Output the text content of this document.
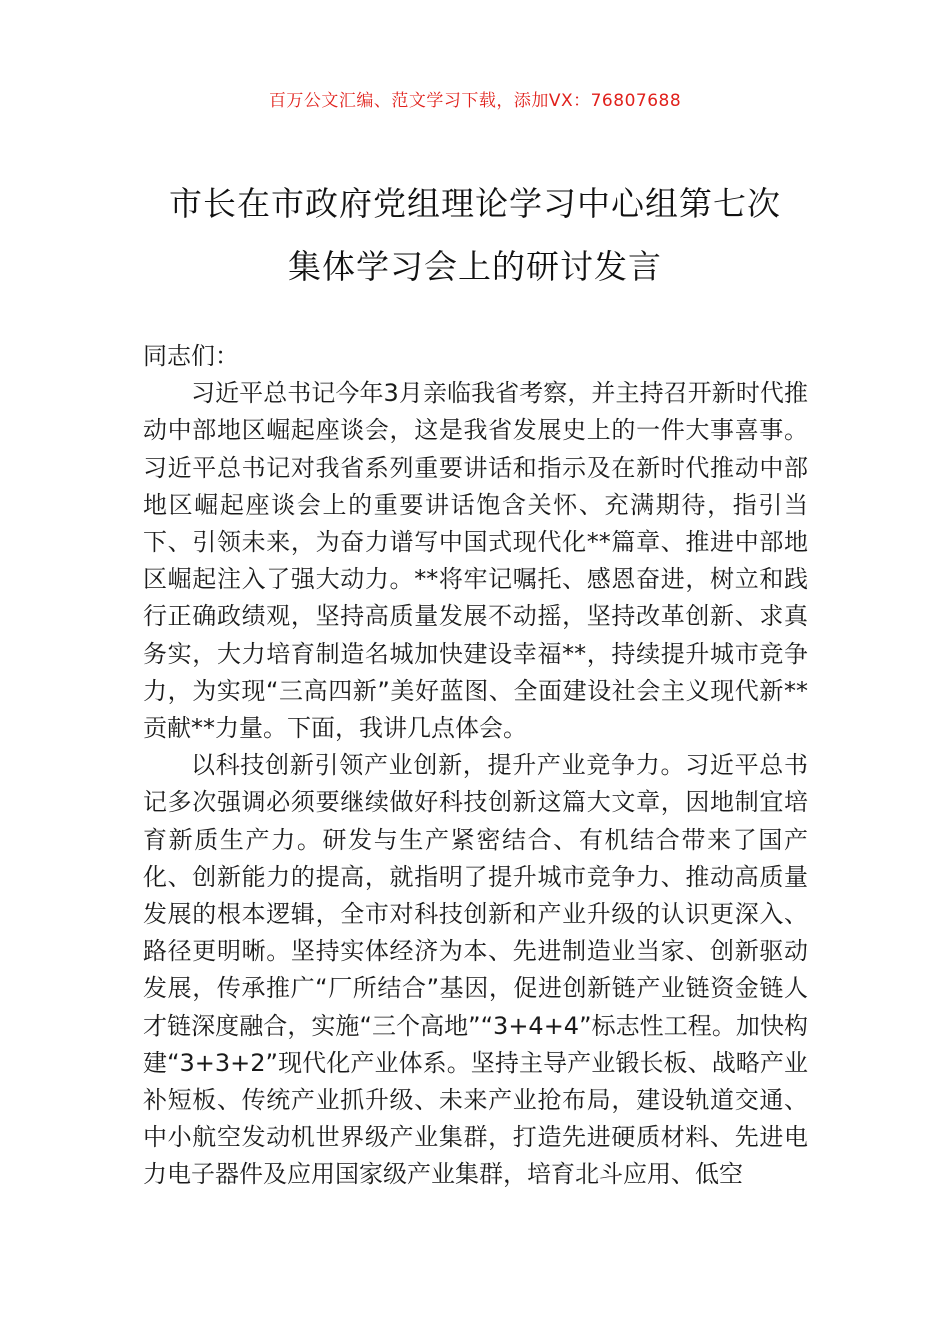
百万公文汇编、范文学习下载，添加VX：76807688
市长在市政府党组理论学习中心组第七次
集体学习会上的研讨发言

同志们：

习近平总书记今年3月亲临我省考察，并主持召开新时代推动中部地区崛起座谈会，这是我省发展史上的一件大事喜事。习近平总书记对我省系列重要讲话和指示及在新时代推动中部地区崛起座谈会上的重要讲话饱含关怀、充满期待，指引当下、引领未来，为奋力谱写中国式现代化**篇章、推进中部地区崛起注入了强大动力。**将牢记嘱托、感恩奋进，树立和践行正确政绩观，坚持高质量发展不动摇，坚持改革创新、求真务实，大力培育制造名城加快建设幸福**，持续提升城市竞争力，为实现“三高四新”美好蓝图、全面建设社会主义现代新**贡献**力量。下面，我讲几点体会。

以科技创新引领产业创新，提升产业竞争力。习近平总书记多次强调必须要继续做好科技创新这篇大文章，因地制宜培育新质生产力。研发与生产紧密结合、有机结合带来了国产化、创新能力的提高，就指明了提升城市竞争力、推动高质量发展的根本逻辑，全市对科技创新和产业升级的认识更深入、路径更明晰。坚持实体经济为本、先进制造业当家、创新驱动发展，传承推广“厂所结合”基因，促进创新链产业链资金链人才链深度融合，实施“三个高地”“3+4+4”标志性工程。加快构建“3+3+2”现代化产业体系。坚持主导产业锻长板、战略产业补短板、传统产业抓升级、未来产业抢布局，建设轨道交通、中小航空发动机世界级产业集群，打造先进硬质材料、先进电力电子器件及应用国家级产业集群，培育北斗应用、低空
